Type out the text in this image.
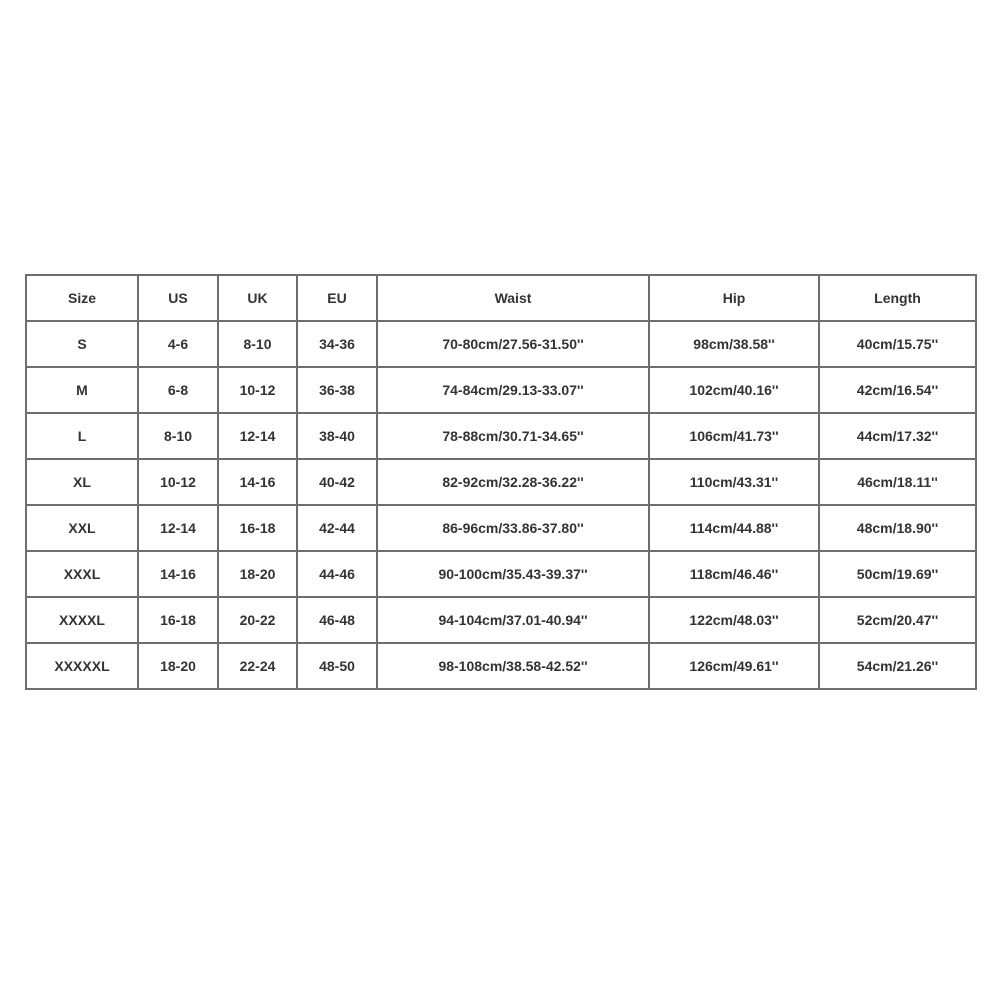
Size	US	UK	EU	Waist	Hip	Length
S	4-6	8-10	34-36	70-80cm/27.56-31.50''	98cm/38.58''	40cm/15.75''
M	6-8	10-12	36-38	74-84cm/29.13-33.07''	102cm/40.16''	42cm/16.54''
L	8-10	12-14	38-40	78-88cm/30.71-34.65''	106cm/41.73''	44cm/17.32''
XL	10-12	14-16	40-42	82-92cm/32.28-36.22''	110cm/43.31''	46cm/18.11''
XXL	12-14	16-18	42-44	86-96cm/33.86-37.80''	114cm/44.88''	48cm/18.90''
XXXL	14-16	18-20	44-46	90-100cm/35.43-39.37''	118cm/46.46''	50cm/19.69''
XXXXL	16-18	20-22	46-48	94-104cm/37.01-40.94''	122cm/48.03''	52cm/20.47''
XXXXXL	18-20	22-24	48-50	98-108cm/38.58-42.52''	126cm/49.61''	54cm/21.26''
